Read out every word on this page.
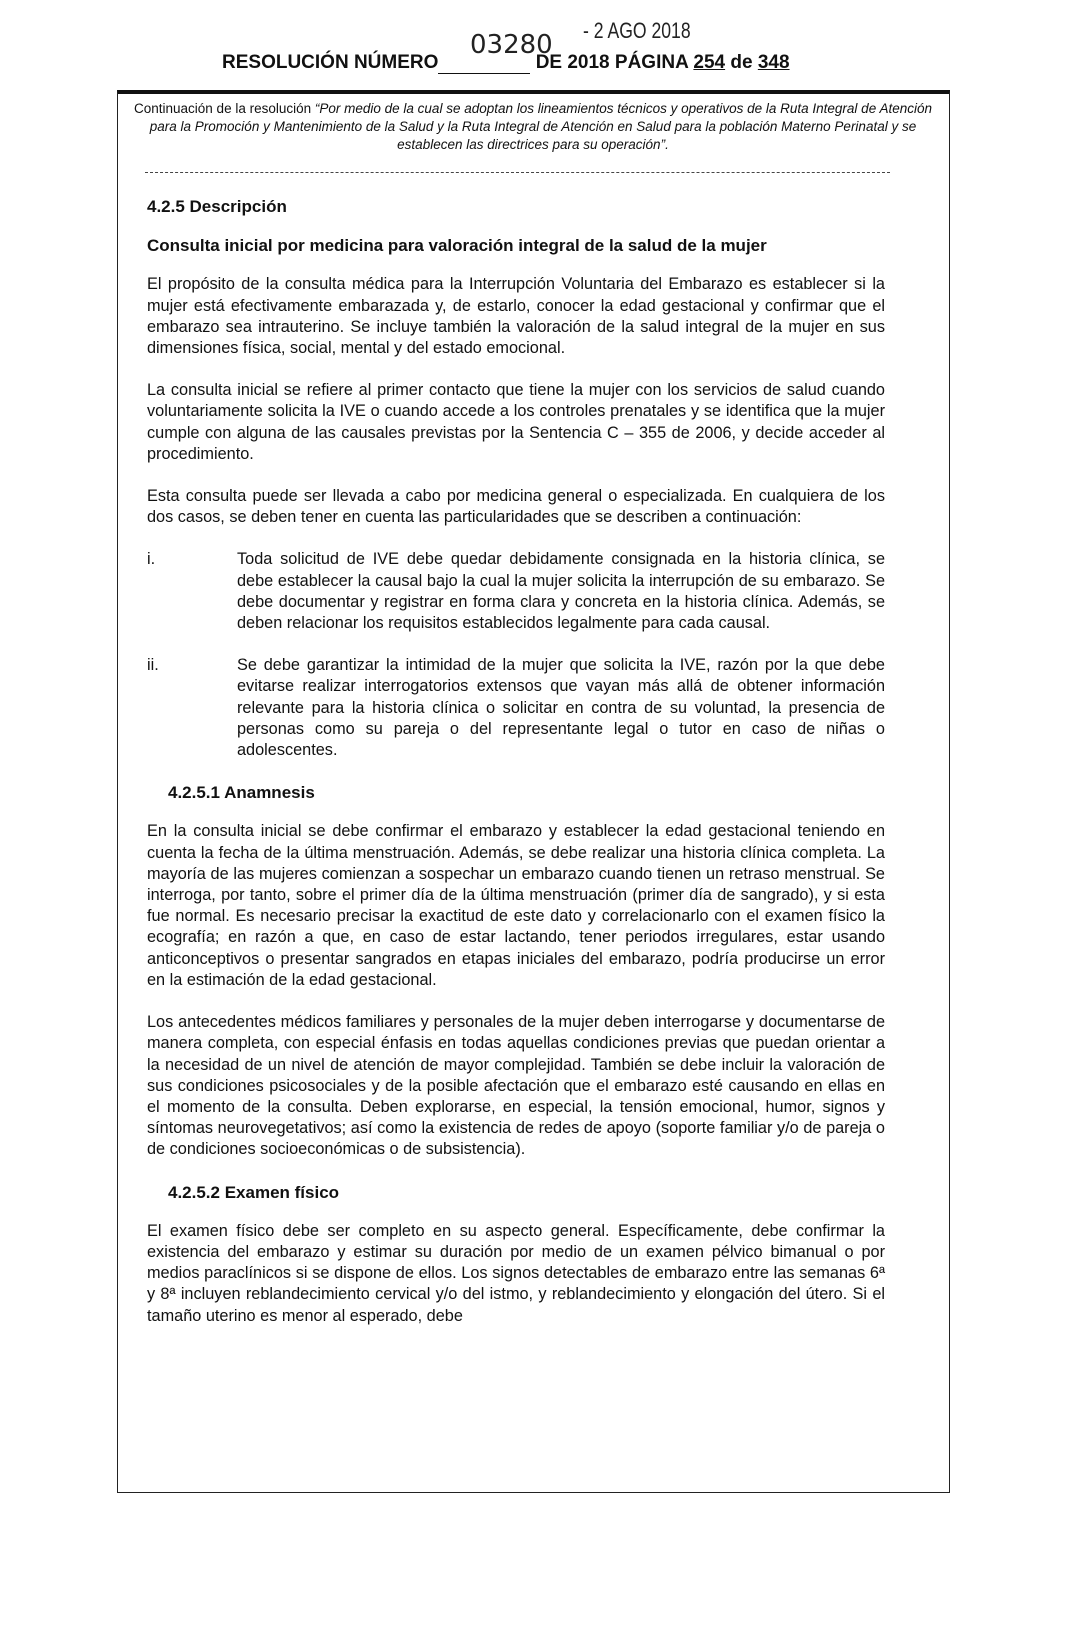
03280 - 2 AGO 2018
RESOLUCIÓN NÚMERO	DE 2018 PÁGINA 254 de 348
Continuación de la resolución “Por medio de la cual se adoptan los lineamientos técnicos y operativos de la Ruta Integral de Atención para la Promoción y Mantenimiento de la Salud y la Ruta Integral de Atención en Salud para la población Materno Perinatal y se establecen las directrices para su operación”.
4.2.5 Descripción
Consulta inicial por medicina para valoración integral de la salud de la mujer

El propósito de la consulta médica para la Interrupción Voluntaria del Embarazo es establecer si la mujer está efectivamente embarazada y, de estarlo, conocer la edad gestacional y confirmar que el embarazo sea intrauterino. Se incluye también la valoración de la salud integral de la mujer en sus dimensiones física, social, mental y del estado emocional.

La consulta inicial se refiere al primer contacto que tiene la mujer con los servicios de salud cuando voluntariamente solicita la IVE o cuando accede a los controles prenatales y se identifica que la mujer cumple con alguna de las causales previstas por la Sentencia C – 355 de 2006, y decide acceder al procedimiento.

Esta consulta puede ser llevada a cabo por medicina general o especializada. En cualquiera de los dos casos, se deben tener en cuenta las particularidades que se describen a continuación:

i.	Toda solicitud de IVE debe quedar debidamente consignada en la historia clínica, se debe establecer la causal bajo la cual la mujer solicita la interrupción de su embarazo. Se debe documentar y registrar en forma clara y concreta en la historia clínica. Además, se deben relacionar los requisitos establecidos legalmente para cada causal.
ii.	Se debe garantizar la intimidad de la mujer que solicita la IVE, razón por la que debe evitarse realizar interrogatorios extensos que vayan más allá de obtener información relevante para la historia clínica o solicitar en contra de su voluntad, la presencia de personas como su pareja o del representante legal o tutor en caso de niñas o adolescentes.
4.2.5.1 Anamnesis

En la consulta inicial se debe confirmar el embarazo y establecer la edad gestacional teniendo en cuenta la fecha de la última menstruación. Además, se debe realizar una historia clínica completa. La mayoría de las mujeres comienzan a sospechar un embarazo cuando tienen un retraso menstrual. Se interroga, por tanto, sobre el primer día de la última menstruación (primer día de sangrado), y si esta fue normal. Es necesario precisar la exactitud de este dato y correlacionarlo con el examen físico la ecografía; en razón a que, en caso de estar lactando, tener periodos irregulares, estar usando anticonceptivos o presentar sangrados en etapas iniciales del embarazo, podría producirse un error en la estimación de la edad gestacional.

Los antecedentes médicos familiares y personales de la mujer deben interrogarse y documentarse de manera completa, con especial énfasis en todas aquellas condiciones previas que puedan orientar a la necesidad de un nivel de atención de mayor complejidad. También se debe incluir la valoración de sus condiciones psicosociales y de la posible afectación que el embarazo esté causando en ellas en el momento de la consulta. Deben explorarse, en especial, la tensión emocional, humor, signos y síntomas neurovegetativos; así como la existencia de redes de apoyo (soporte familiar y/o de pareja o de condiciones socioeconómicas o de subsistencia).

4.2.5.2 Examen físico

El examen físico debe ser completo en su aspecto general. Específicamente, debe confirmar la existencia del embarazo y estimar su duración por medio de un examen pélvico bimanual o por medios paraclínicos si se dispone de ellos. Los signos detectables de embarazo entre las semanas 6ª y 8ª incluyen reblandecimiento cervical y/o del istmo, y reblandecimiento y elongación del útero. Si el tamaño uterino es menor al esperado, debe
